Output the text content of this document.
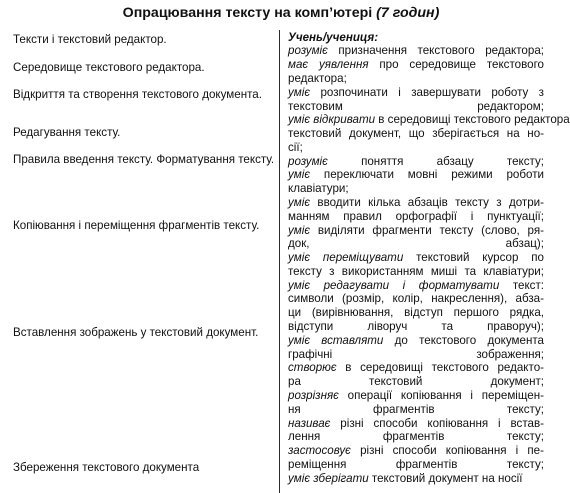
Опрацювання тексту на комп’ютері (7 годин)
Тексти і текстовий редактор.
Середовище текстового редактора.
Відкриття та створення текстового документа.
Редагування тексту.
Правила введення тексту. Форматування тексту.
Копіювання і переміщення фрагментів тексту.
Вставлення зображень у текстовий документ.
Збереження текстового документа
Учень/учениця:
розуміє призначення текстового редактора;
має уявлення про середовище текстового
редактора;
уміє розпочинати і завершувати роботу з
текстовим редактором;
уміє відкривати в середовищі текстового редактора
текстовий документ, що зберігається на но-
сії;
розуміє поняття абзацу тексту;
уміє переключати мовні режими роботи
клавіатури;
уміє вводити кілька абзаців тексту з дотри-
манням правил орфографії і пунктуації;
уміє виділяти фрагменти тексту (слово, ря-
док, абзац);
уміє переміщувати текстовий курсор по
тексту з використанням миші та клавіатури;
уміє редагувати і форматувати текст:
символи (розмір, колір, накреслення), абза-
ци (вирівнювання, відступ першого рядка,
відступи ліворуч та праворуч);
уміє вставляти до текстового документа
графічні зображення;
створює в середовищі текстового редакто-
ра текстовий документ;
розрізняє операції копіювання і переміщен-
ня фрагментів тексту;
називає різні способи копіювання і встав-
лення фрагментів тексту;
застосовує різні способи копіювання і пе-
реміщення фрагментів тексту;
уміє зберігати текстовий документ на носії
